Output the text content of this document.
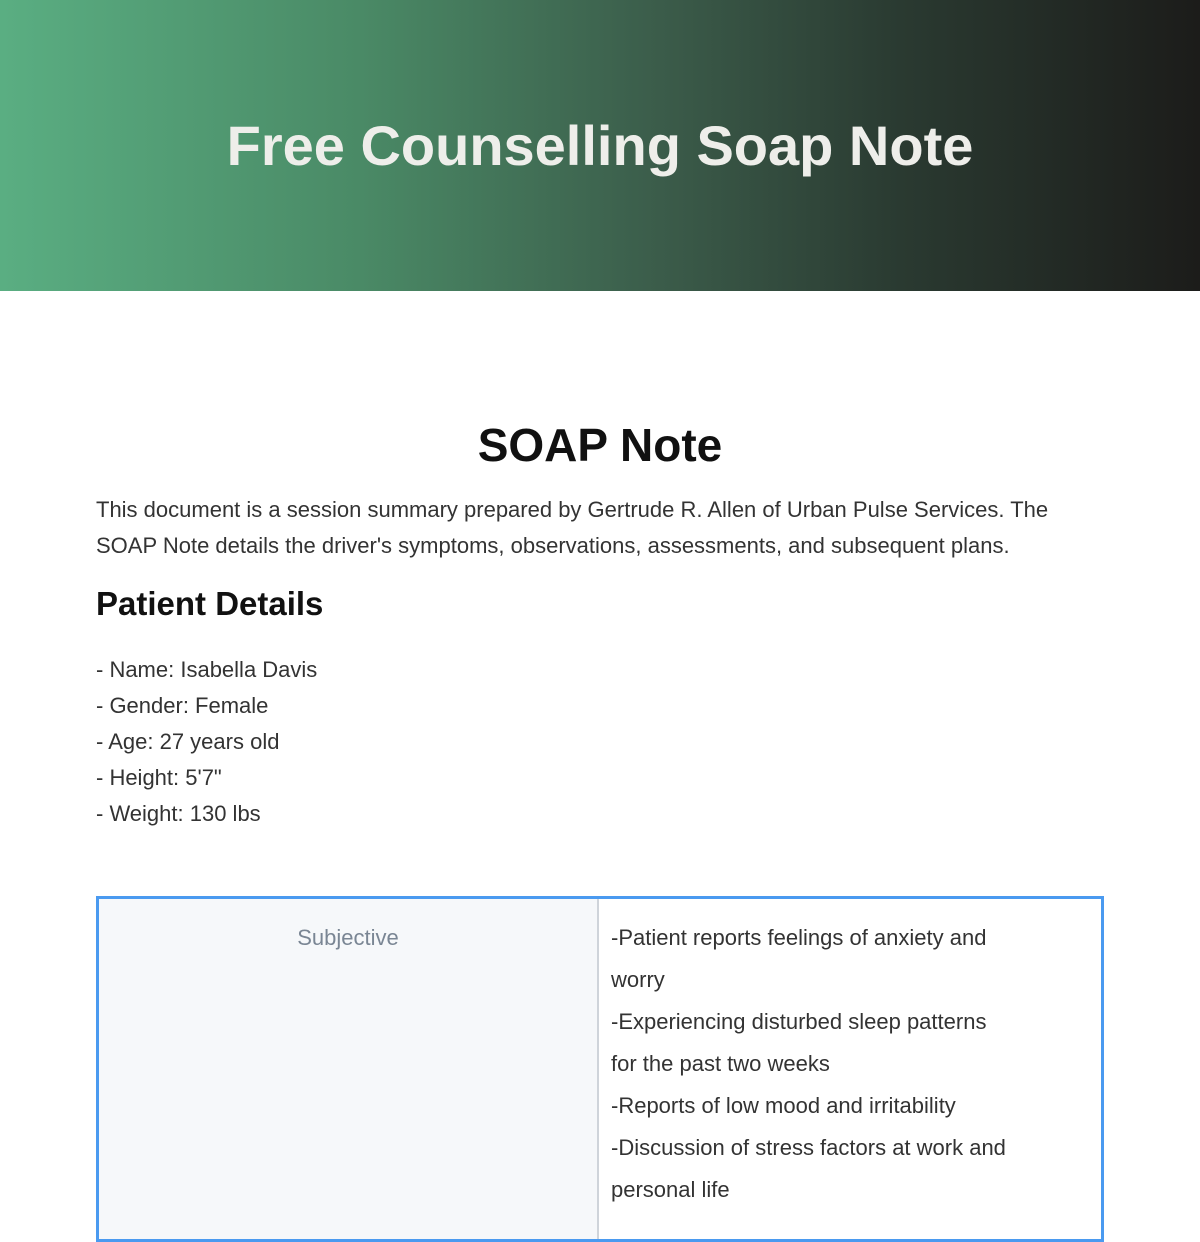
Free Counselling Soap Note
SOAP Note

This document is a session summary prepared by Gertrude R. Allen of Urban Pulse Services. The SOAP Note details the driver's symptoms, observations, assessments, and subsequent plans.

Patient Details
- Name: Isabella Davis
- Gender: Female
- Age: 27 years old
- Height: 5'7"
- Weight: 130 lbs
Subjective	-Patient reports feelings of anxiety and
worry
-Experiencing disturbed sleep patterns
for the past two weeks
-Reports of low mood and irritability
-Discussion of stress factors at work and
personal life
